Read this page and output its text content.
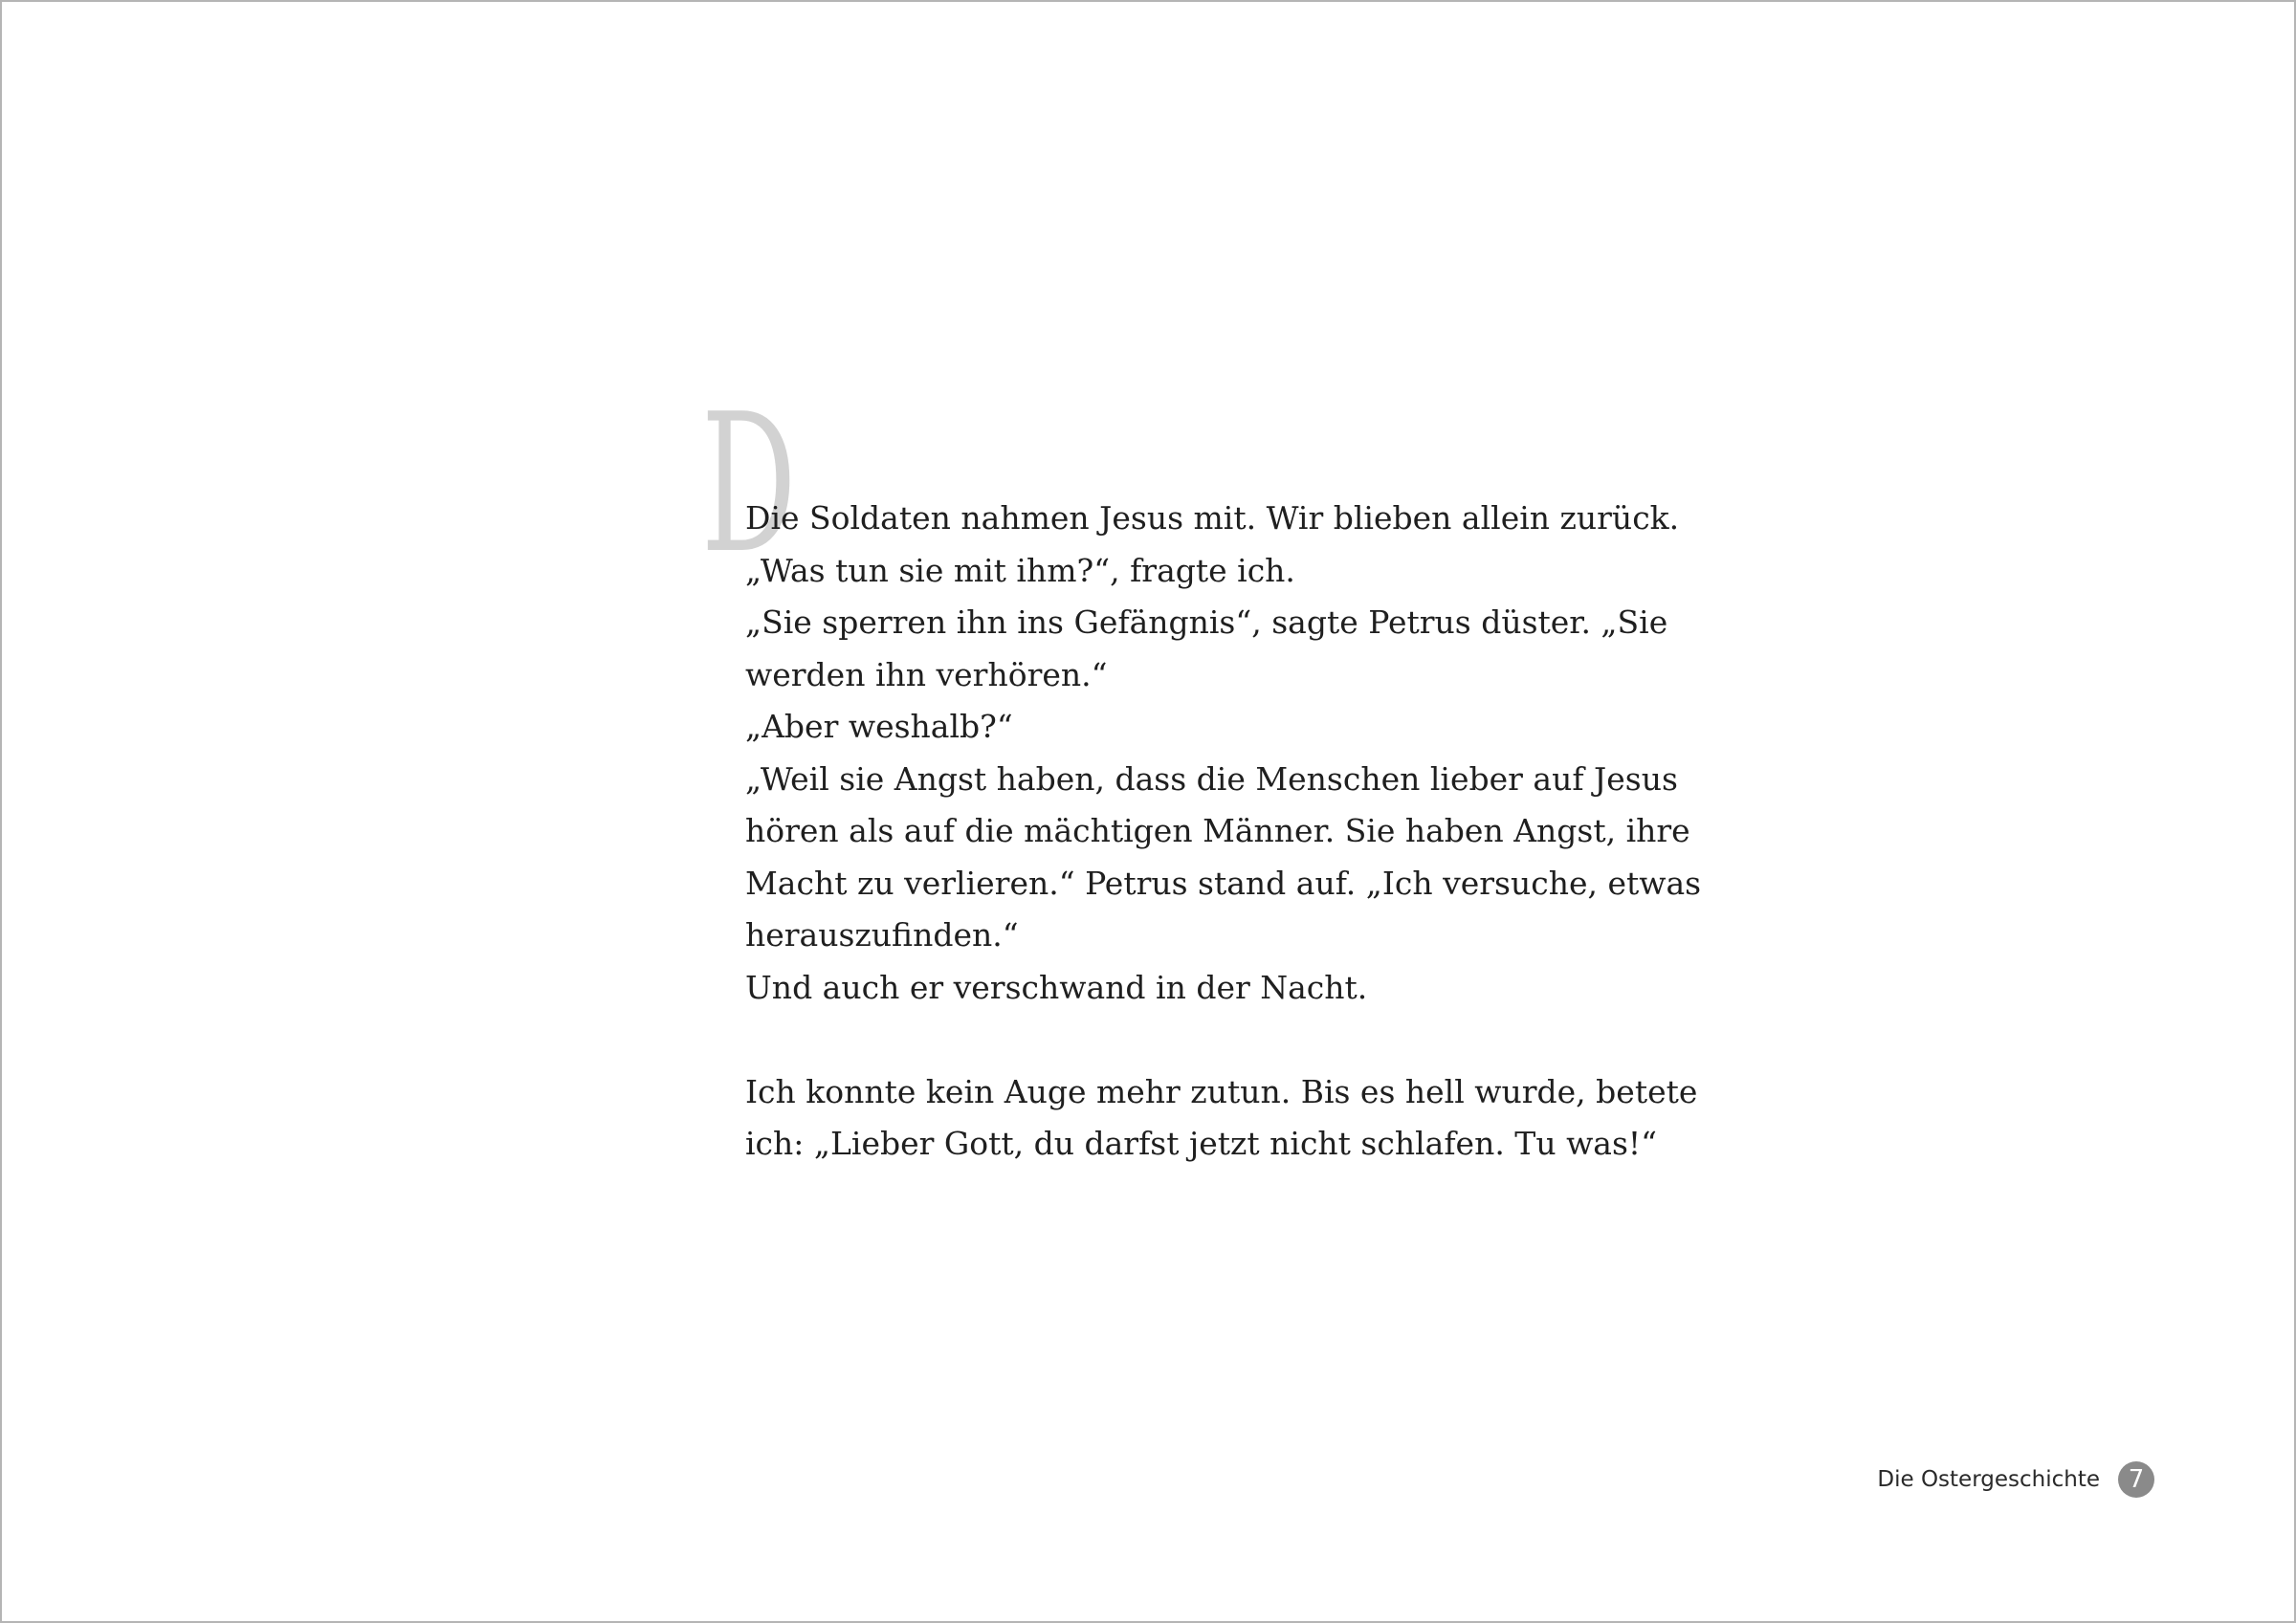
D
Die Soldaten nahmen Jesus mit. Wir blieben allein zurück.
„Was tun sie mit ihm?“, fragte ich.
„Sie sperren ihn ins Gefängnis“, sagte Petrus düster. „Sie
werden ihn verhören.“
„Aber weshalb?“
„Weil sie Angst haben, dass die Menschen lieber auf Jesus
hören als auf die mächtigen Männer. Sie haben Angst, ihre
Macht zu verlieren.“ Petrus stand auf. „Ich versuche, etwas
herauszufinden.“
Und auch er verschwand in der Nacht.
Ich konnte kein Auge mehr zutun. Bis es hell wurde, betete
ich: „Lieber Gott, du darfst jetzt nicht schlafen. Tu was!“
Die Ostergeschichte	7
